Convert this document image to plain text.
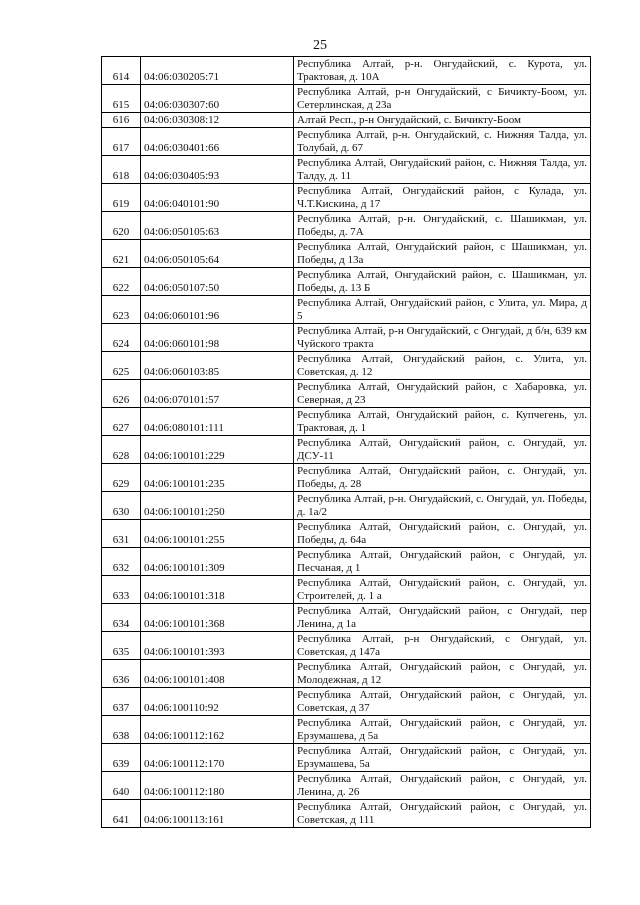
25
614	04:06:030205:71	Республика Алтай, р-н. Онгудайский, с. Курота, ул. Трактовая, д. 10А
615	04:06:030307:60	Республика Алтай, р-н Онгудайский, с Бичикту-Боом, ул. Сетерлинская, д 23а
616	04:06:030308:12	Алтай Респ., р-н Онгудайский, с. Бичикту-Боом
617	04:06:030401:66	Республика Алтай, р-н. Онгудайский, с. Нижняя Талда, ул. Толубай, д. 67
618	04:06:030405:93	Республика Алтай, Онгудайский район, с. Нижняя Талда, ул. Талду, д. 11
619	04:06:040101:90	Республика Алтай, Онгудайский район, с Кулада, ул. Ч.Т.Кискина, д 17
620	04:06:050105:63	Республика Алтай, р-н. Онгудайский, с. Шашикман, ул. Победы, д. 7А
621	04:06:050105:64	Республика Алтай, Онгудайский район, с Шашикман, ул. Победы, д 13а
622	04:06:050107:50	Республика Алтай, Онгудайский район, с. Шашикман, ул. Победы, д. 13 Б
623	04:06:060101:96	Республика Алтай, Онгудайский район, с Улита, ул. Мира, д 5
624	04:06:060101:98	Республика Алтай, р-н Онгудайский, с Онгудай, д б/н, 639 км Чуйского тракта
625	04:06:060103:85	Республика Алтай, Онгудайский район, с. Улита, ул. Советская, д. 12
626	04:06:070101:57	Республика Алтай, Онгудайский район, с Хабаровка, ул. Северная, д 23
627	04:06:080101:111	Республика Алтай, Онгудайский район, с. Купчегень, ул. Трактовая, д. 1
628	04:06:100101:229	Республика Алтай, Онгудайский район, с. Онгудай, ул. ДСУ-11
629	04:06:100101:235	Республика Алтай, Онгудайский район, с. Онгудай, ул. Победы, д. 28
630	04:06:100101:250	Республика Алтай, р-н. Онгудайский, с. Онгудай, ул. Победы, д. 1а/2
631	04:06:100101:255	Республика Алтай, Онгудайский район, с. Онгудай, ул. Победы, д. 64а
632	04:06:100101:309	Республика Алтай, Онгудайский район, с Онгудай, ул. Песчаная, д 1
633	04:06:100101:318	Республика Алтай, Онгудайский район, с. Онгудай, ул. Строителей, д. 1 а
634	04:06:100101:368	Республика Алтай, Онгудайский район, с Онгудай, пер Ленина, д 1а
635	04:06:100101:393	Республика Алтай, р-н Онгудайский, с Онгудай, ул. Советская, д 147а
636	04:06:100101:408	Республика Алтай, Онгудайский район, с Онгудай, ул. Молодежная, д 12
637	04:06:100110:92	Республика Алтай, Онгудайский район, с Онгудай, ул. Советская, д 37
638	04:06:100112:162	Республика Алтай, Онгудайский район, с Онгудай, ул. Ерзумашева, д 5а
639	04:06:100112:170	Республика Алтай, Онгудайский район, с Онгудай, ул. Ерзумашева, 5а
640	04:06:100112:180	Республика Алтай, Онгудайский район, с Онгудай, ул. Ленина, д. 26
641	04:06:100113:161	Республика Алтай, Онгудайский район, с Онгудай, ул. Советская, д 111
